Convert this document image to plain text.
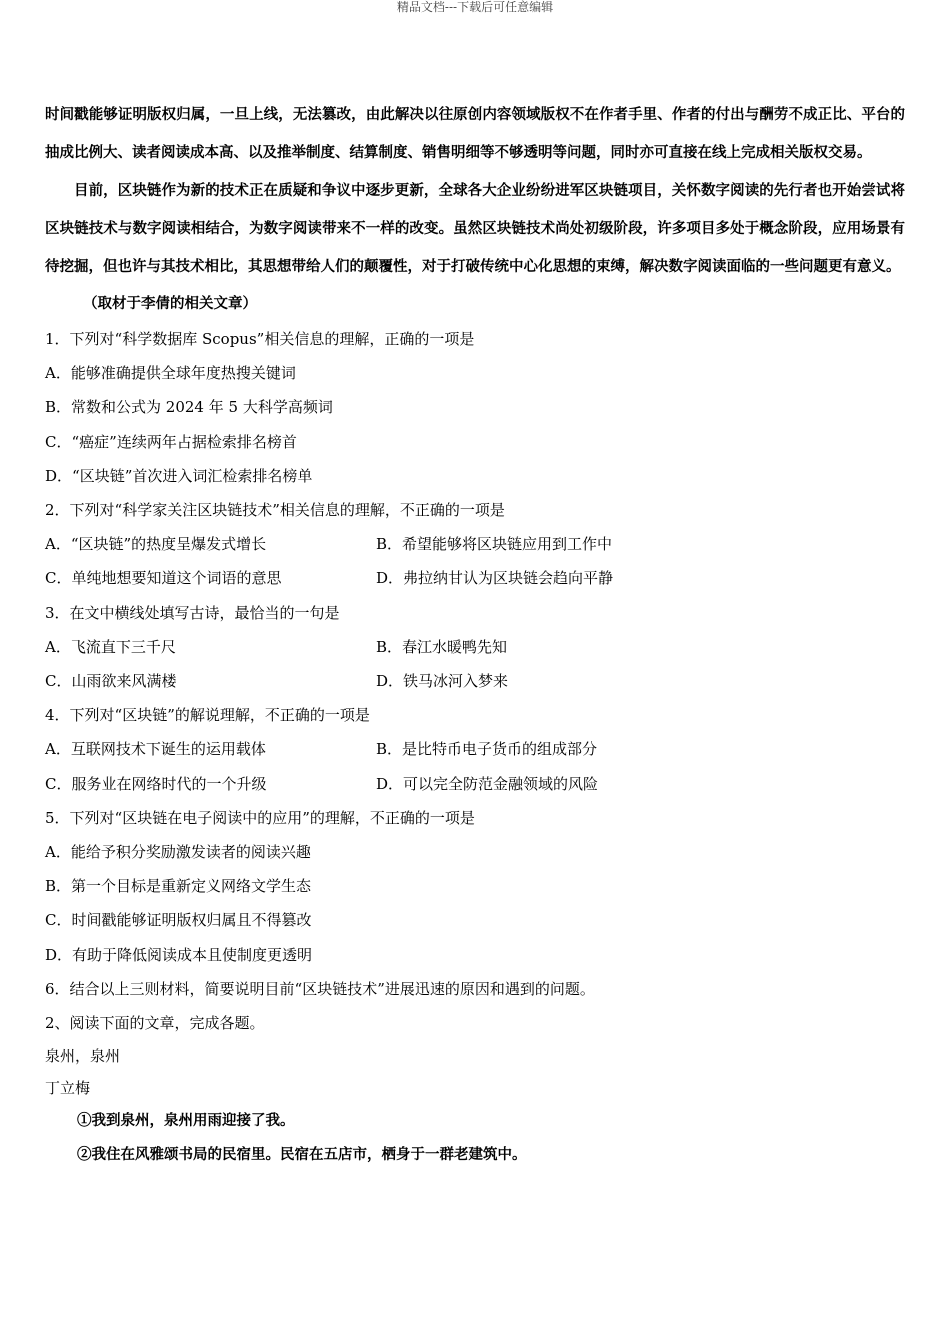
精品文档---下载后可任意编辑

时间戳能够证明版权归属，一旦上线，无法篡改，由此解决以往原创内容领域版权不在作者手里、作者的付出与酬劳不成正比、平台的抽成比例大、读者阅读成本高、以及推举制度、结算制度、销售明细等不够透明等问题，同时亦可直接在线上完成相关版权交易。

目前，区块链作为新的技术正在质疑和争议中逐步更新，全球各大企业纷纷进军区块链项目，关怀数字阅读的先行者也开始尝试将区块链技术与数字阅读相结合，为数字阅读带来不一样的改变。虽然区块链技术尚处初级阶段，许多项目多处于概念阶段，应用场景有待挖掘，但也许与其技术相比，其思想带给人们的颠覆性，对于打破传统中心化思想的束缚，解决数字阅读面临的一些问题更有意义。

（取材于李倩的相关文章）

1．下列对“科学数据库 Scopus”相关信息的理解，正确的一项是

A．能够准确提供全球年度热搜关键词

B．常数和公式为 2024 年 5 大科学高频词

C．“癌症”连续两年占据检索排名榜首

D．“区块链”首次进入词汇检索排名榜单

2．下列对“科学家关注区块链技术”相关信息的理解，不正确的一项是

A．“区块链”的热度呈爆发式增长	B．希望能够将区块链应用到工作中
C．单纯地想要知道这个词语的意思	D．弗拉纳甘认为区块链会趋向平静

3．在文中横线处填写古诗，最恰当的一句是

A．飞流直下三千尺	B．春江水暖鸭先知
C．山雨欲来风满楼	D．铁马冰河入梦来

4．下列对“区块链”的解说理解，不正确的一项是

A．互联网技术下诞生的运用载体	B．是比特币电子货币的组成部分
C．服务业在网络时代的一个升级	D．可以完全防范金融领域的风险

5．下列对“区块链在电子阅读中的应用”的理解，不正确的一项是

A．能给予积分奖励激发读者的阅读兴趣

B．第一个目标是重新定义网络文学生态

C．时间戳能够证明版权归属且不得篡改

D．有助于降低阅读成本且使制度更透明

6．结合以上三则材料，简要说明目前“区块链技术”进展迅速的原因和遇到的问题。

2、阅读下面的文章，完成各题。

泉州，泉州

丁立梅

①我到泉州，泉州用雨迎接了我。

②我住在风雅颂书局的民宿里。民宿在五店市，栖身于一群老建筑中。
